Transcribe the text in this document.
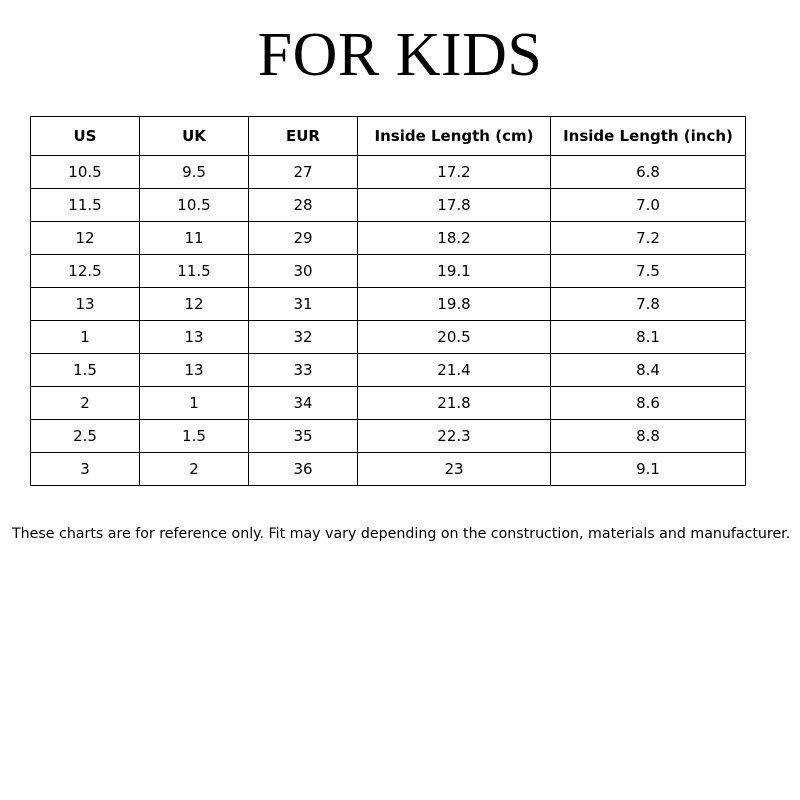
FOR KIDS
US	UK	EUR	Inside Length (cm)	Inside Length (inch)
10.5	9.5	27	17.2	6.8
11.5	10.5	28	17.8	7.0
12	11	29	18.2	7.2
12.5	11.5	30	19.1	7.5
13	12	31	19.8	7.8
1	13	32	20.5	8.1
1.5	13	33	21.4	8.4
2	1	34	21.8	8.6
2.5	1.5	35	22.3	8.8
3	2	36	23	9.1
These charts are for reference only. Fit may vary depending on the construction, materials and manufacturer.
